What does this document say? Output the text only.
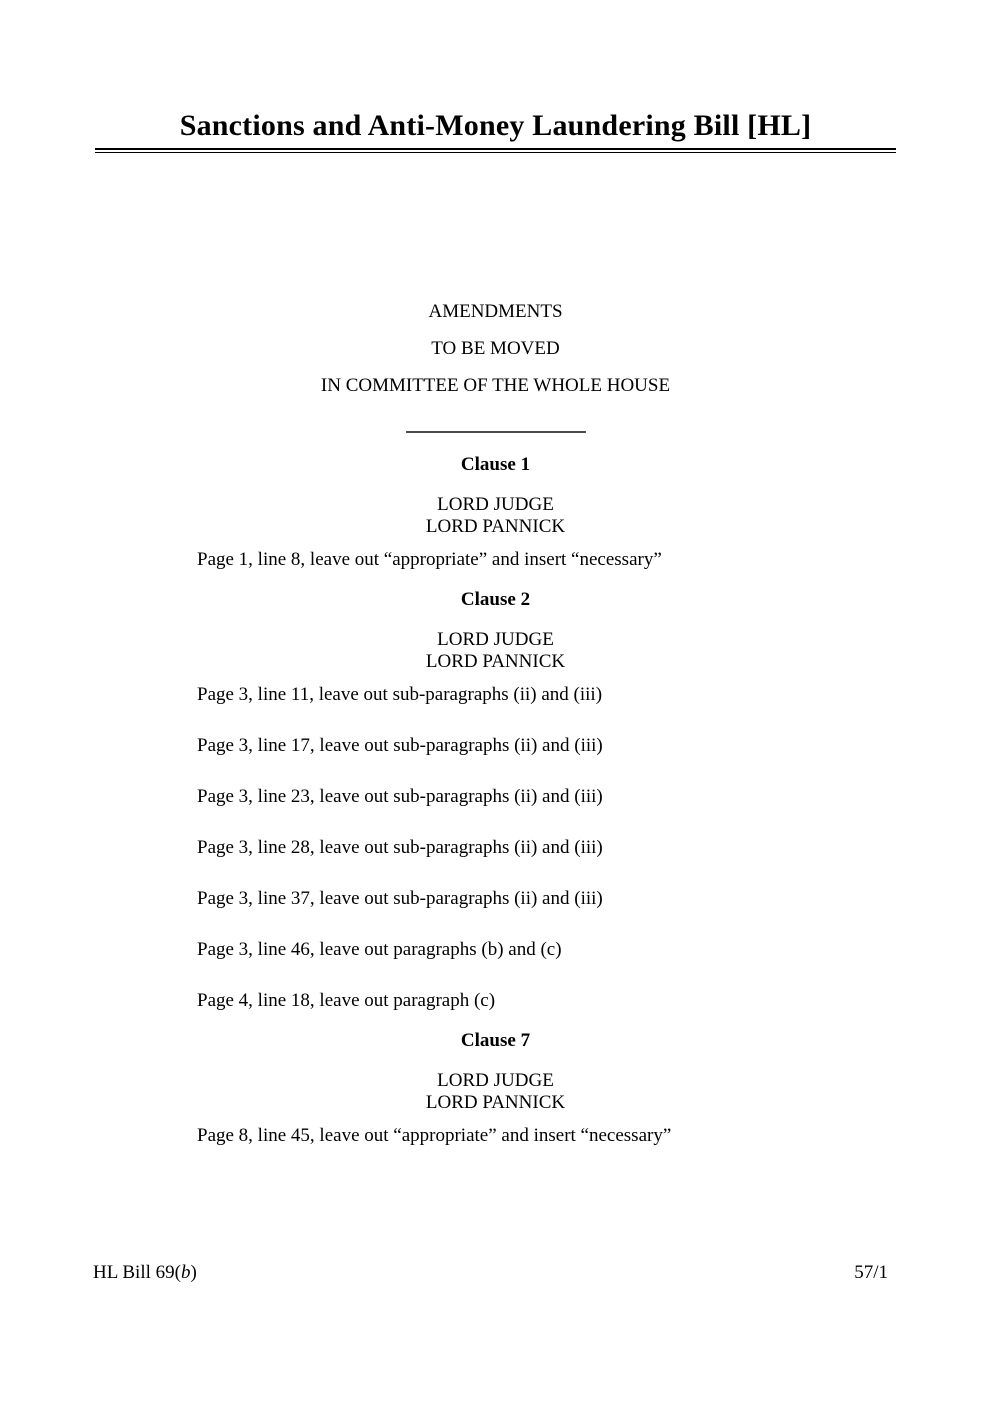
Sanctions and Anti-Money Laundering Bill [HL]

AMENDMENTS

TO BE MOVED

IN COMMITTEE OF THE WHOLE HOUSE

Clause 1

LORD JUDGE

LORD PANNICK

Page 1, line 8, leave out “appropriate” and insert “necessary”

Clause 2

LORD JUDGE

LORD PANNICK

Page 3, line 11, leave out sub-paragraphs (ii) and (iii)

Page 3, line 17, leave out sub-paragraphs (ii) and (iii)

Page 3, line 23, leave out sub-paragraphs (ii) and (iii)

Page 3, line 28, leave out sub-paragraphs (ii) and (iii)

Page 3, line 37, leave out sub-paragraphs (ii) and (iii)

Page 3, line 46, leave out paragraphs (b) and (c)

Page 4, line 18, leave out paragraph (c)

Clause 7

LORD JUDGE

LORD PANNICK

Page 8, line 45, leave out “appropriate” and insert “necessary”

HL Bill 69(b)	57/1
